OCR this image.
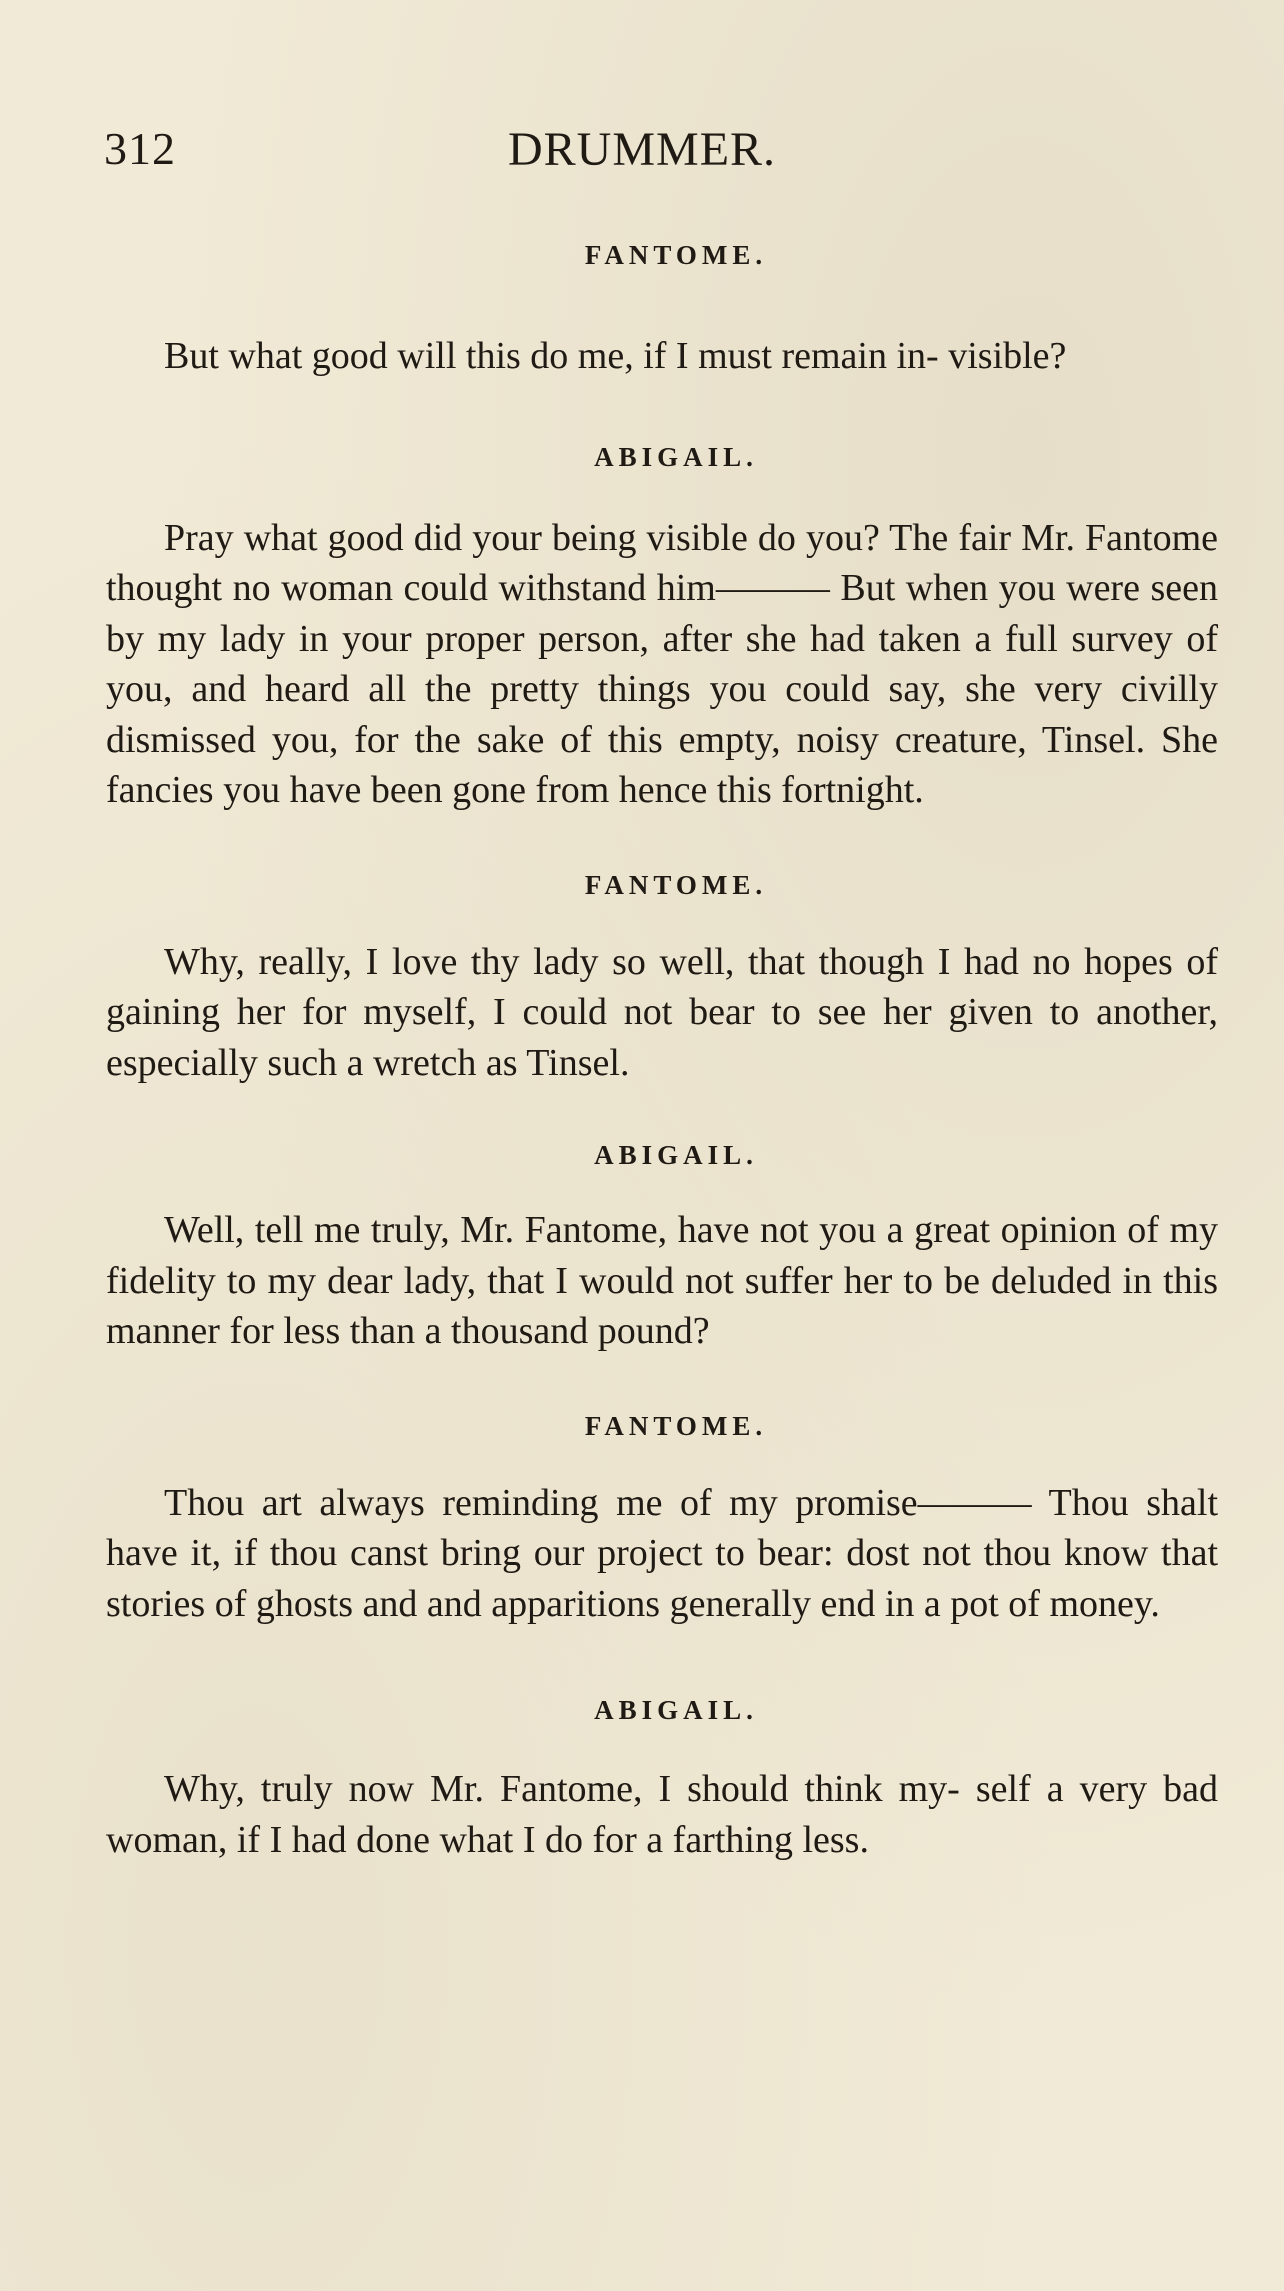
312	DRUMMER.

FANTOME.

But what good will this do me, if I must remain in- visible?

ABIGAIL.

Pray what good did your being visible do you? The fair Mr. Fantome thought no woman could withstand him——— But when you were seen by my lady in your proper person, after she had taken a full survey of you, and heard all the pretty things you could say, she very civilly dismissed you, for the sake of this empty, noisy creature, Tinsel. She fancies you have been gone from hence this fortnight.

FANTOME.

Why, really, I love thy lady so well, that though I had no hopes of gaining her for myself, I could not bear to see her given to another, especially such a wretch as Tinsel.

ABIGAIL.

Well, tell me truly, Mr. Fantome, have not you a great opinion of my fidelity to my dear lady, that I would not suffer her to be deluded in this manner for less than a thousand pound?

FANTOME.

Thou art always reminding me of my promise——— Thou shalt have it, if thou canst bring our project to bear: dost not thou know that stories of ghosts and and apparitions generally end in a pot of money.

ABIGAIL.

Why, truly now Mr. Fantome, I should think my- self a very bad woman, if I had done what I do for a farthing less.
